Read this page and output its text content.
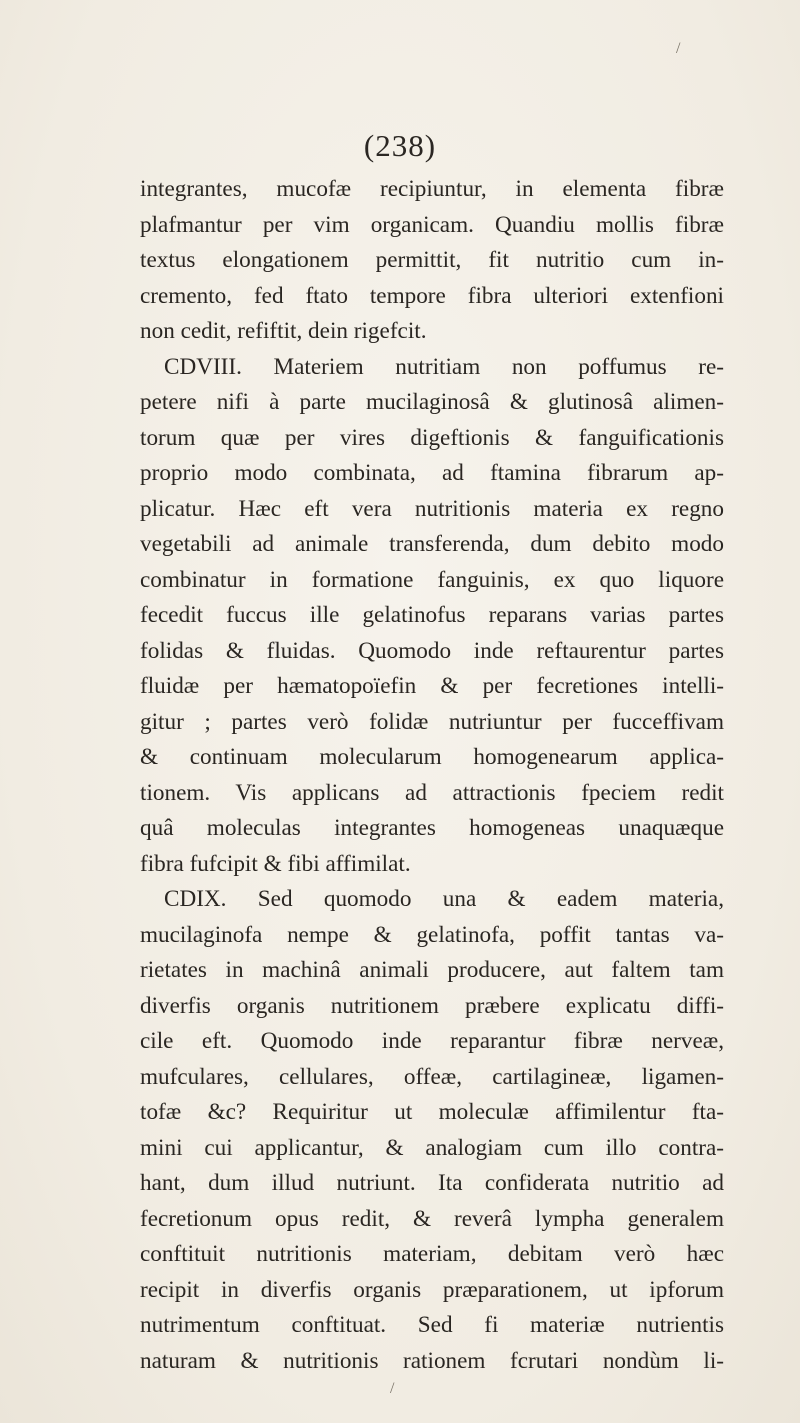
(238)
/
/
integrantes, mucofæ recipiuntur, in elementa fibræ
plafmantur per vim organicam. Quandiu mollis fibræ
textus elongationem permittit, fit nutritio cum in-
cremento, fed ftato tempore fibra ulteriori extenfioni
non cedit, refiftit, dein rigefcit.
CDVIII. Materiem nutritiam non poffumus re-
petere nifi à parte mucilaginosâ & glutinosâ alimen-
torum quæ per vires digeftionis & fanguificationis
proprio modo combinata, ad ftamina fibrarum ap-
plicatur. Hæc eft vera nutritionis materia ex regno
vegetabili ad animale transferenda, dum debito modo
combinatur in formatione fanguinis, ex quo liquore
fecedit fuccus ille gelatinofus reparans varias partes
folidas & fluidas. Quomodo inde reftaurentur partes
fluidæ per hæmatopoïefin & per fecretiones intelli-
gitur ; partes verò folidæ nutriuntur per fucceffivam
& continuam molecularum homogenearum applica-
tionem. Vis applicans ad attractionis fpeciem redit
quâ moleculas integrantes homogeneas unaquæque
fibra fufcipit & fibi affimilat.
CDIX. Sed quomodo una & eadem materia,
mucilaginofa nempe & gelatinofa, poffit tantas va-
rietates in machinâ animali producere, aut faltem tam
diverfis organis nutritionem præbere explicatu diffi-
cile eft. Quomodo inde reparantur fibræ nerveæ,
mufculares, cellulares, offeæ, cartilagineæ, ligamen-
tofæ &c? Requiritur ut moleculæ affimilentur fta-
mini cui applicantur, & analogiam cum illo contra-
hant, dum illud nutriunt. Ita confiderata nutritio ad
fecretionum opus redit, & reverâ lympha generalem
conftituit nutritionis materiam, debitam verò hæc
recipit in diverfis organis præparationem, ut ipforum
nutrimentum conftituat. Sed fi materiæ nutrientis
naturam & nutritionis rationem fcrutari nondùm li-
